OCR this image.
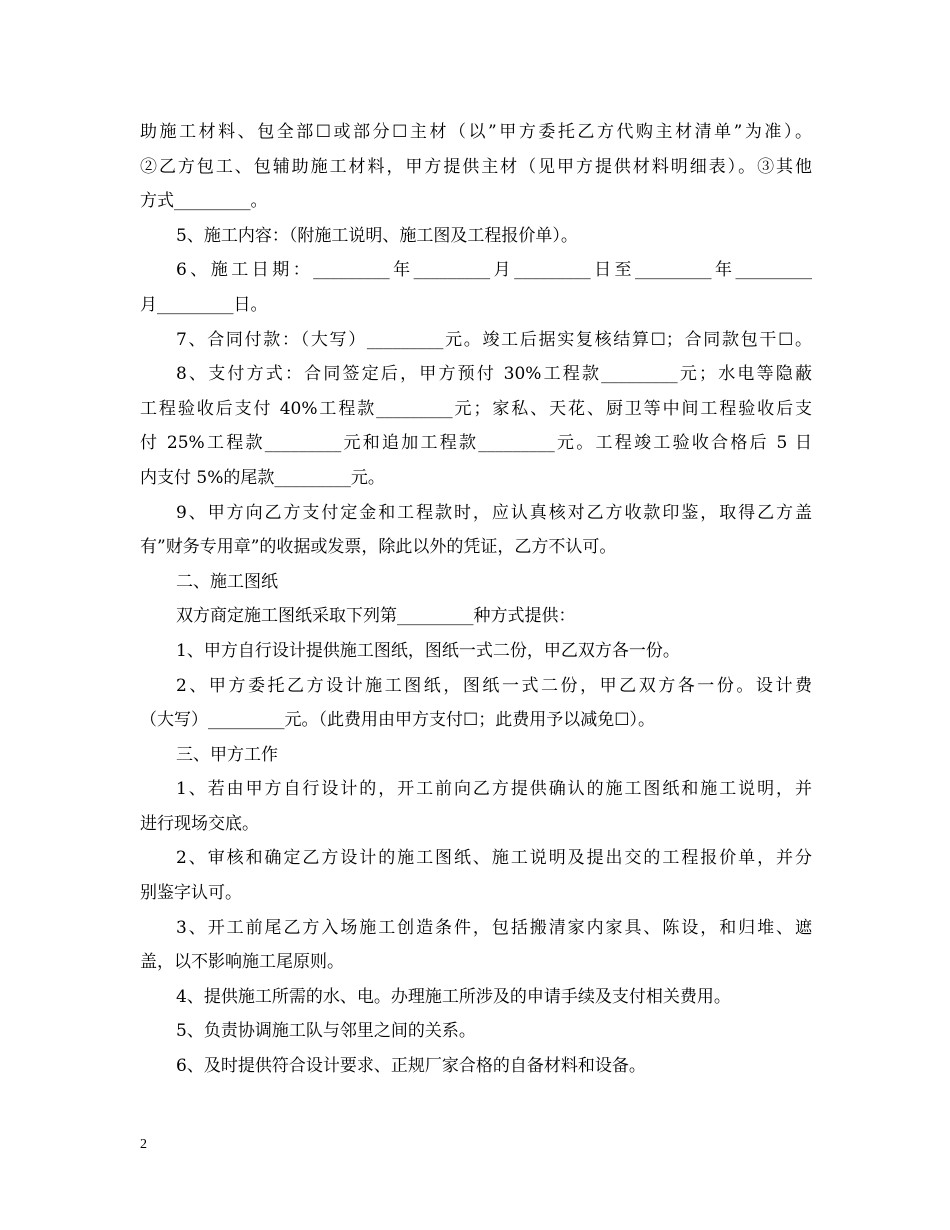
助施工材料、包全部☐或部分☐主材（以”甲方委托乙方代购主材清单”为准）。
②乙方包工、包辅助施工材料，甲方提供主材（见甲方提供材料明细表）。③其他
方式_________。
5、施工内容：（附施工说明、施工图及工程报价单）。
6、施工日期：_________年_________月_________日至_________年_________
月_________日。
7、合同付款：（大写）_________元。竣工后据实复核结算☐；合同款包干☐。
8、支付方式：合同签定后，甲方预付 30%工程款_________元；水电等隐蔽
工程验收后支付 40%工程款_________元；家私、天花、厨卫等中间工程验收后支
付 25%工程款_________元和追加工程款_________元。工程竣工验收合格后 5 日
内支付 5%的尾款_________元。
9、甲方向乙方支付定金和工程款时，应认真核对乙方收款印鉴，取得乙方盖
有”财务专用章”的收据或发票，除此以外的凭证，乙方不认可。
二、施工图纸
双方商定施工图纸采取下列第_________种方式提供：
1、甲方自行设计提供施工图纸，图纸一式二份，甲乙双方各一份。
2、甲方委托乙方设计施工图纸，图纸一式二份，甲乙双方各一份。设计费
（大写）_________元。（此费用由甲方支付☐；此费用予以减免☐）。
三、甲方工作
1、若由甲方自行设计的，开工前向乙方提供确认的施工图纸和施工说明，并
进行现场交底。
2、审核和确定乙方设计的施工图纸、施工说明及提出交的工程报价单，并分
别鉴字认可。
3、开工前尾乙方入场施工创造条件，包括搬清家内家具、陈设，和归堆、遮
盖，以不影响施工尾原则。
4、提供施工所需的水、电。办理施工所涉及的申请手续及支付相关费用。
5、负责协调施工队与邻里之间的关系。
6、及时提供符合设计要求、正规厂家合格的自备材料和设备。
2
